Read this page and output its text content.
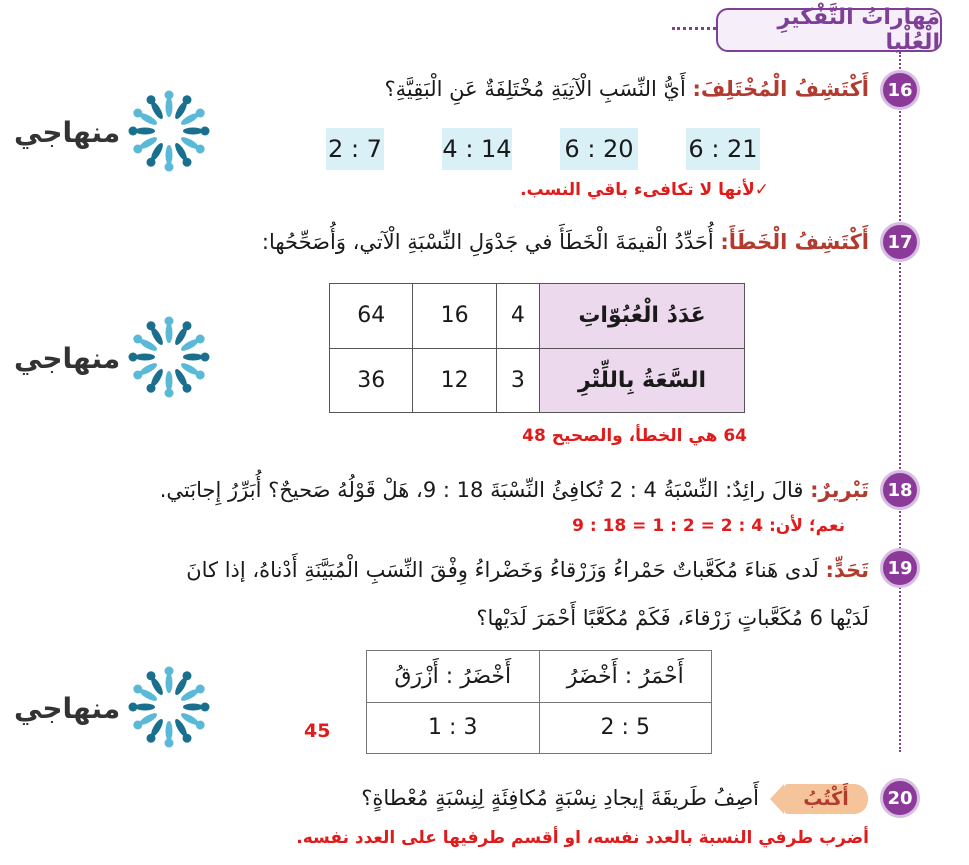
مَهاراتُ التَّفْكيرِ الْعُلْيا
16
أَكْتَشِفُ الْمُخْتَلِفَ: أَيُّ النِّسَبِ الْآتِيَةِ مُخْتَلِفَةٌ عَنِ الْبَقِيَّةِ؟
2 : 7	4 : 14 6 : 20 6 : 21
✓لأنها لا تكافىء باقي النسب.
17
أَكْتَشِفُ الْخَطَأَ: أُحَدِّدُ الْقيمَةَ الْخَطَأَ في جَدْوَلِ النِّسْبَةِ الْآتي، وَأُصَحِّحُها:
عَدَدُ الْعُبُوّاتِ	4	16	64
السَّعَةُ بِاللِّتْرِ	3	12	36
64 هي الخطأ، والصحيح 48
18
تَبْريرٌ: قالَ رائِدٌ: النِّسْبَةُ 4 : 2 تُكافِئُ النِّسْبَةَ 18 : 9، هَلْ قَوْلُهُ صَحيحٌ؟ أُبَرِّرُ إِجابَتي.
نعم؛ لأن: 4 : 2 = 2 : 1 = 18 : 9
19
تَحَدٍّ: لَدى هَناءَ مُكَعَّباتٌ حَمْراءُ وَزَرْقاءُ وَخَضْراءُ وِفْقَ النِّسَبِ الْمُبَيَّنَةِ أَدْناهُ، إذا كانَ
لَدَيْها 6 مُكَعَّباتٍ زَرْقاءَ، فَكَمْ مُكَعَّبًا أَحْمَرَ لَدَيْها؟
أَحْمَرُ : أَخْضَرُ	أَخْضَرُ : أَزْرَقُ
2 : 5	1 : 3
45
20
أَكْتُبُ
أَصِفُ طَريقَةَ إيجادِ نِسْبَةٍ مُكافِئَةٍ لِنِسْبَةٍ مُعْطاةٍ؟
أضرب طرفي النسبة بالعدد نفسه، او أقسم طرفيها على العدد نفسه.
منهاجي
منهاجي
منهاجي
